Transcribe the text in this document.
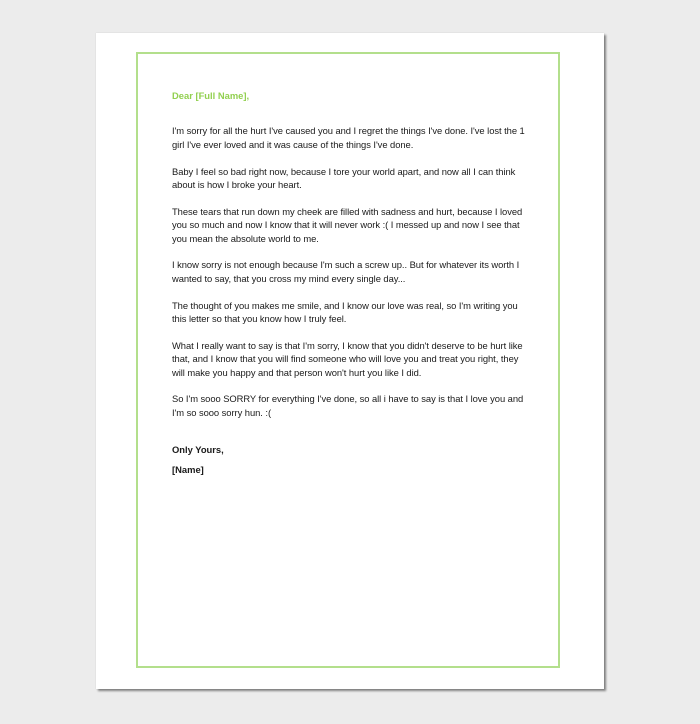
Dear [Full Name],

I'm sorry for all the hurt I've caused you and I regret the things I've done. I've lost the 1 girl I've ever loved and it was cause of the things I've done.

Baby I feel so bad right now, because I tore your world apart, and now all I can think about is how I broke your heart.

These tears that run down my cheek are filled with sadness and hurt, because I loved you so much and now I know that it will never work :( I messed up and now I see that you mean the absolute world to me.

I know sorry is not enough because I'm such a screw up.. But for whatever its worth I wanted to say, that you cross my mind every single day...

The thought of you makes me smile, and I know our love was real, so I'm writing you this letter so that you know how I truly feel.

What I really want to say is that I'm sorry, I know that you didn't deserve to be hurt like that, and I know that you will find someone who will love you and treat you right, they will make you happy and that person won't hurt you like I did.

So I'm sooo SORRY for everything I've done, so all i have to say is that I love you and I'm so sooo sorry hun. :(

Only Yours,

[Name]
